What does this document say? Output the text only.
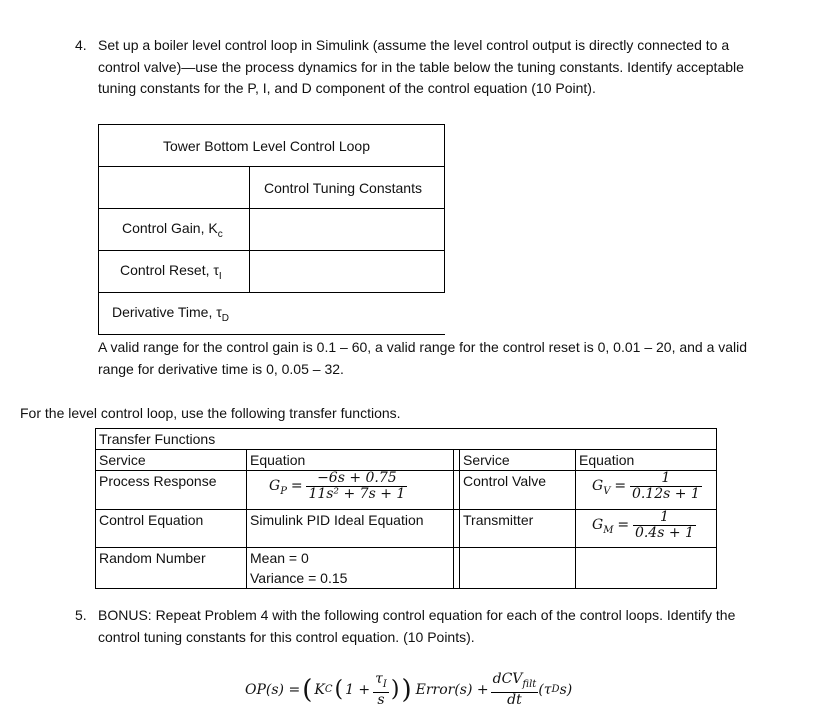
4. Set up a boiler level control loop in Simulink (assume the level control output is directly connected to a
control valve)—use the process dynamics for in the table below the tuning constants. Identify acceptable
tuning constants for the P, I, and D component of the control equation (10 Point).
Tower Bottom Level Control Loop	
	Control Tuning Constants
Control Gain, $K_c$	
Control Reset, $\tau_I$	
Derivative Time, $\tau_D$
A valid range for the control gain is 0.1 – 60, a valid range for the control reset is 0, 0.01 – 20, and a valid
range for derivative time is 0, 0.05 – 32.
For the level control loop, use the following transfer functions.
Transfer Functions				
Service	Equation		Service	Equation
Process Response	$G_P = \frac{-6s + 0.75}{\text{11s² + 7s + 1}}$		Control Valve	$G_V = \frac{1}{0.12s + 1}$

Control Equation	Simulink PID Ideal Equation		Transmitter	$G_M = \frac{1}{0.4s + 1}$

Random Number	Mean = 0
Variance = 0.15			

5. BONUS: Repeat Problem 4 with the following control equation for each of the control loops. Identify the
control tuning constants for this control equation. (10 Points).
OP(s) = ( K C ( $1 + \frac{\tau_I}{s}$ ) ) Error(s) + $\frac{dCV_{filt}}{dt} (\tau$ D s)
